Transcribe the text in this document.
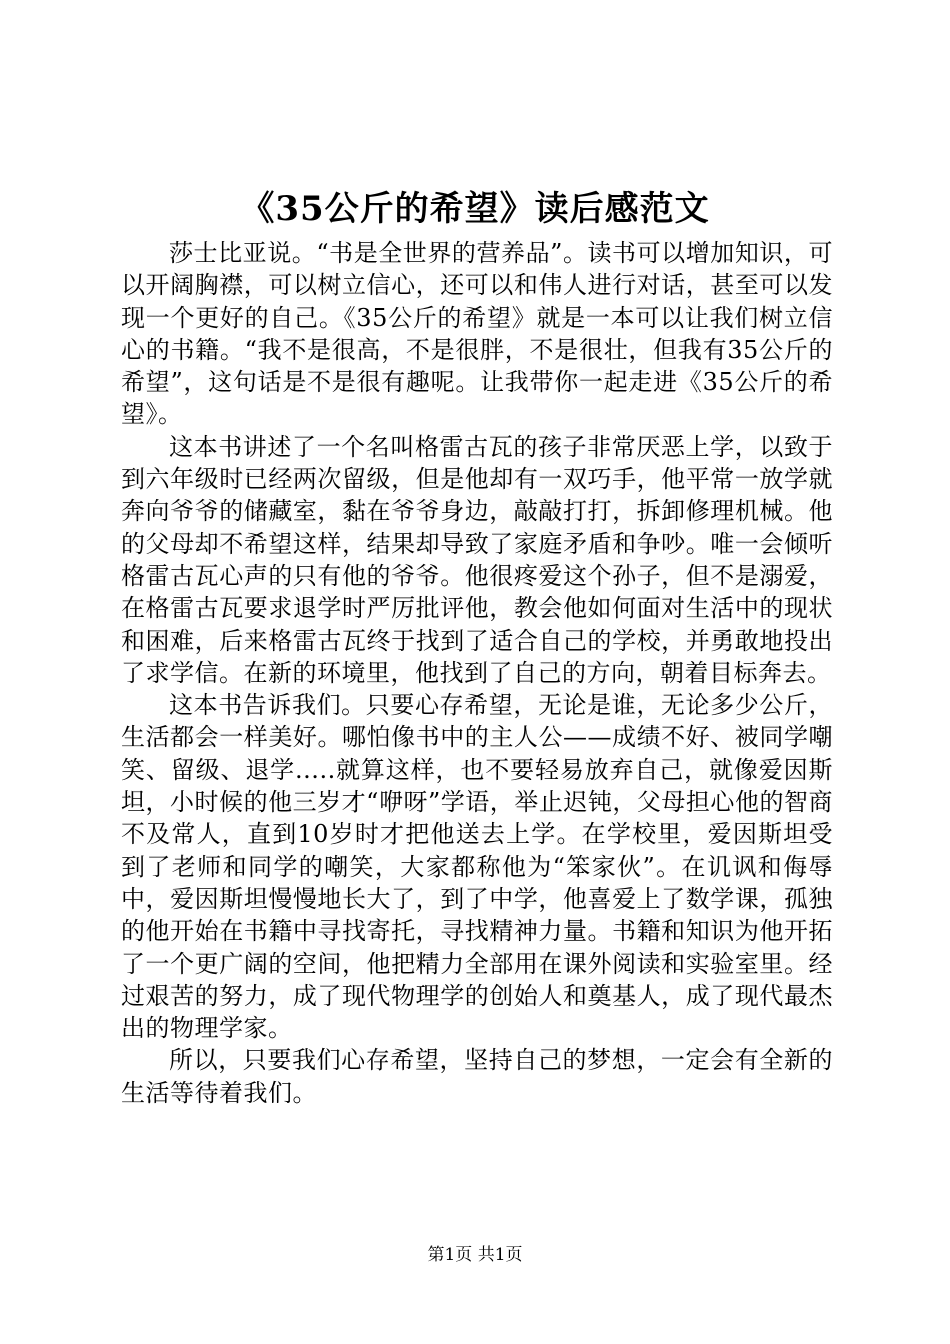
《35公斤的希望》读后感范文

莎士比亚说。“书是全世界的营养品”。读书可以增加知识，可以开阔胸襟，可以树立信心，还可以和伟人进行对话，甚至可以发现一个更好的自己。《35公斤的希望》就是一本可以让我们树立信心的书籍。“我不是很高，不是很胖，不是很壮，但我有35公斤的希望”，这句话是不是很有趣呢。让我带你一起走进《35公斤的希望》。

这本书讲述了一个名叫格雷古瓦的孩子非常厌恶上学，以致于到六年级时已经两次留级，但是他却有一双巧手，他平常一放学就奔向爷爷的储藏室，黏在爷爷身边，敲敲打打，拆卸修理机械。他的父母却不希望这样，结果却导致了家庭矛盾和争吵。唯一会倾听格雷古瓦心声的只有他的爷爷。他很疼爱这个孙子，但不是溺爱，在格雷古瓦要求退学时严厉批评他，教会他如何面对生活中的现状和困难，后来格雷古瓦终于找到了适合自己的学校，并勇敢地投出了求学信。在新的环境里，他找到了自己的方向，朝着目标奔去。

这本书告诉我们。只要心存希望，无论是谁，无论多少公斤，生活都会一样美好。哪怕像书中的主人公——成绩不好、被同学嘲笑、留级、退学.....就算这样，也不要轻易放弃自己，就像爱因斯坦，小时候的他三岁才“咿呀”学语，举止迟钝，父母担心他的智商不及常人，直到10岁时才把他送去上学。在学校里，爱因斯坦受到了老师和同学的嘲笑，大家都称他为“笨家伙”。在讥讽和侮辱中，爱因斯坦慢慢地长大了，到了中学，他喜爱上了数学课，孤独的他开始在书籍中寻找寄托，寻找精神力量。书籍和知识为他开拓了一个更广阔的空间，他把精力全部用在课外阅读和实验室里。经过艰苦的努力，成了现代物理学的创始人和奠基人，成了现代最杰出的物理学家。

所以，只要我们心存希望，坚持自己的梦想，一定会有全新的生活等待着我们。

第1页 共1页
